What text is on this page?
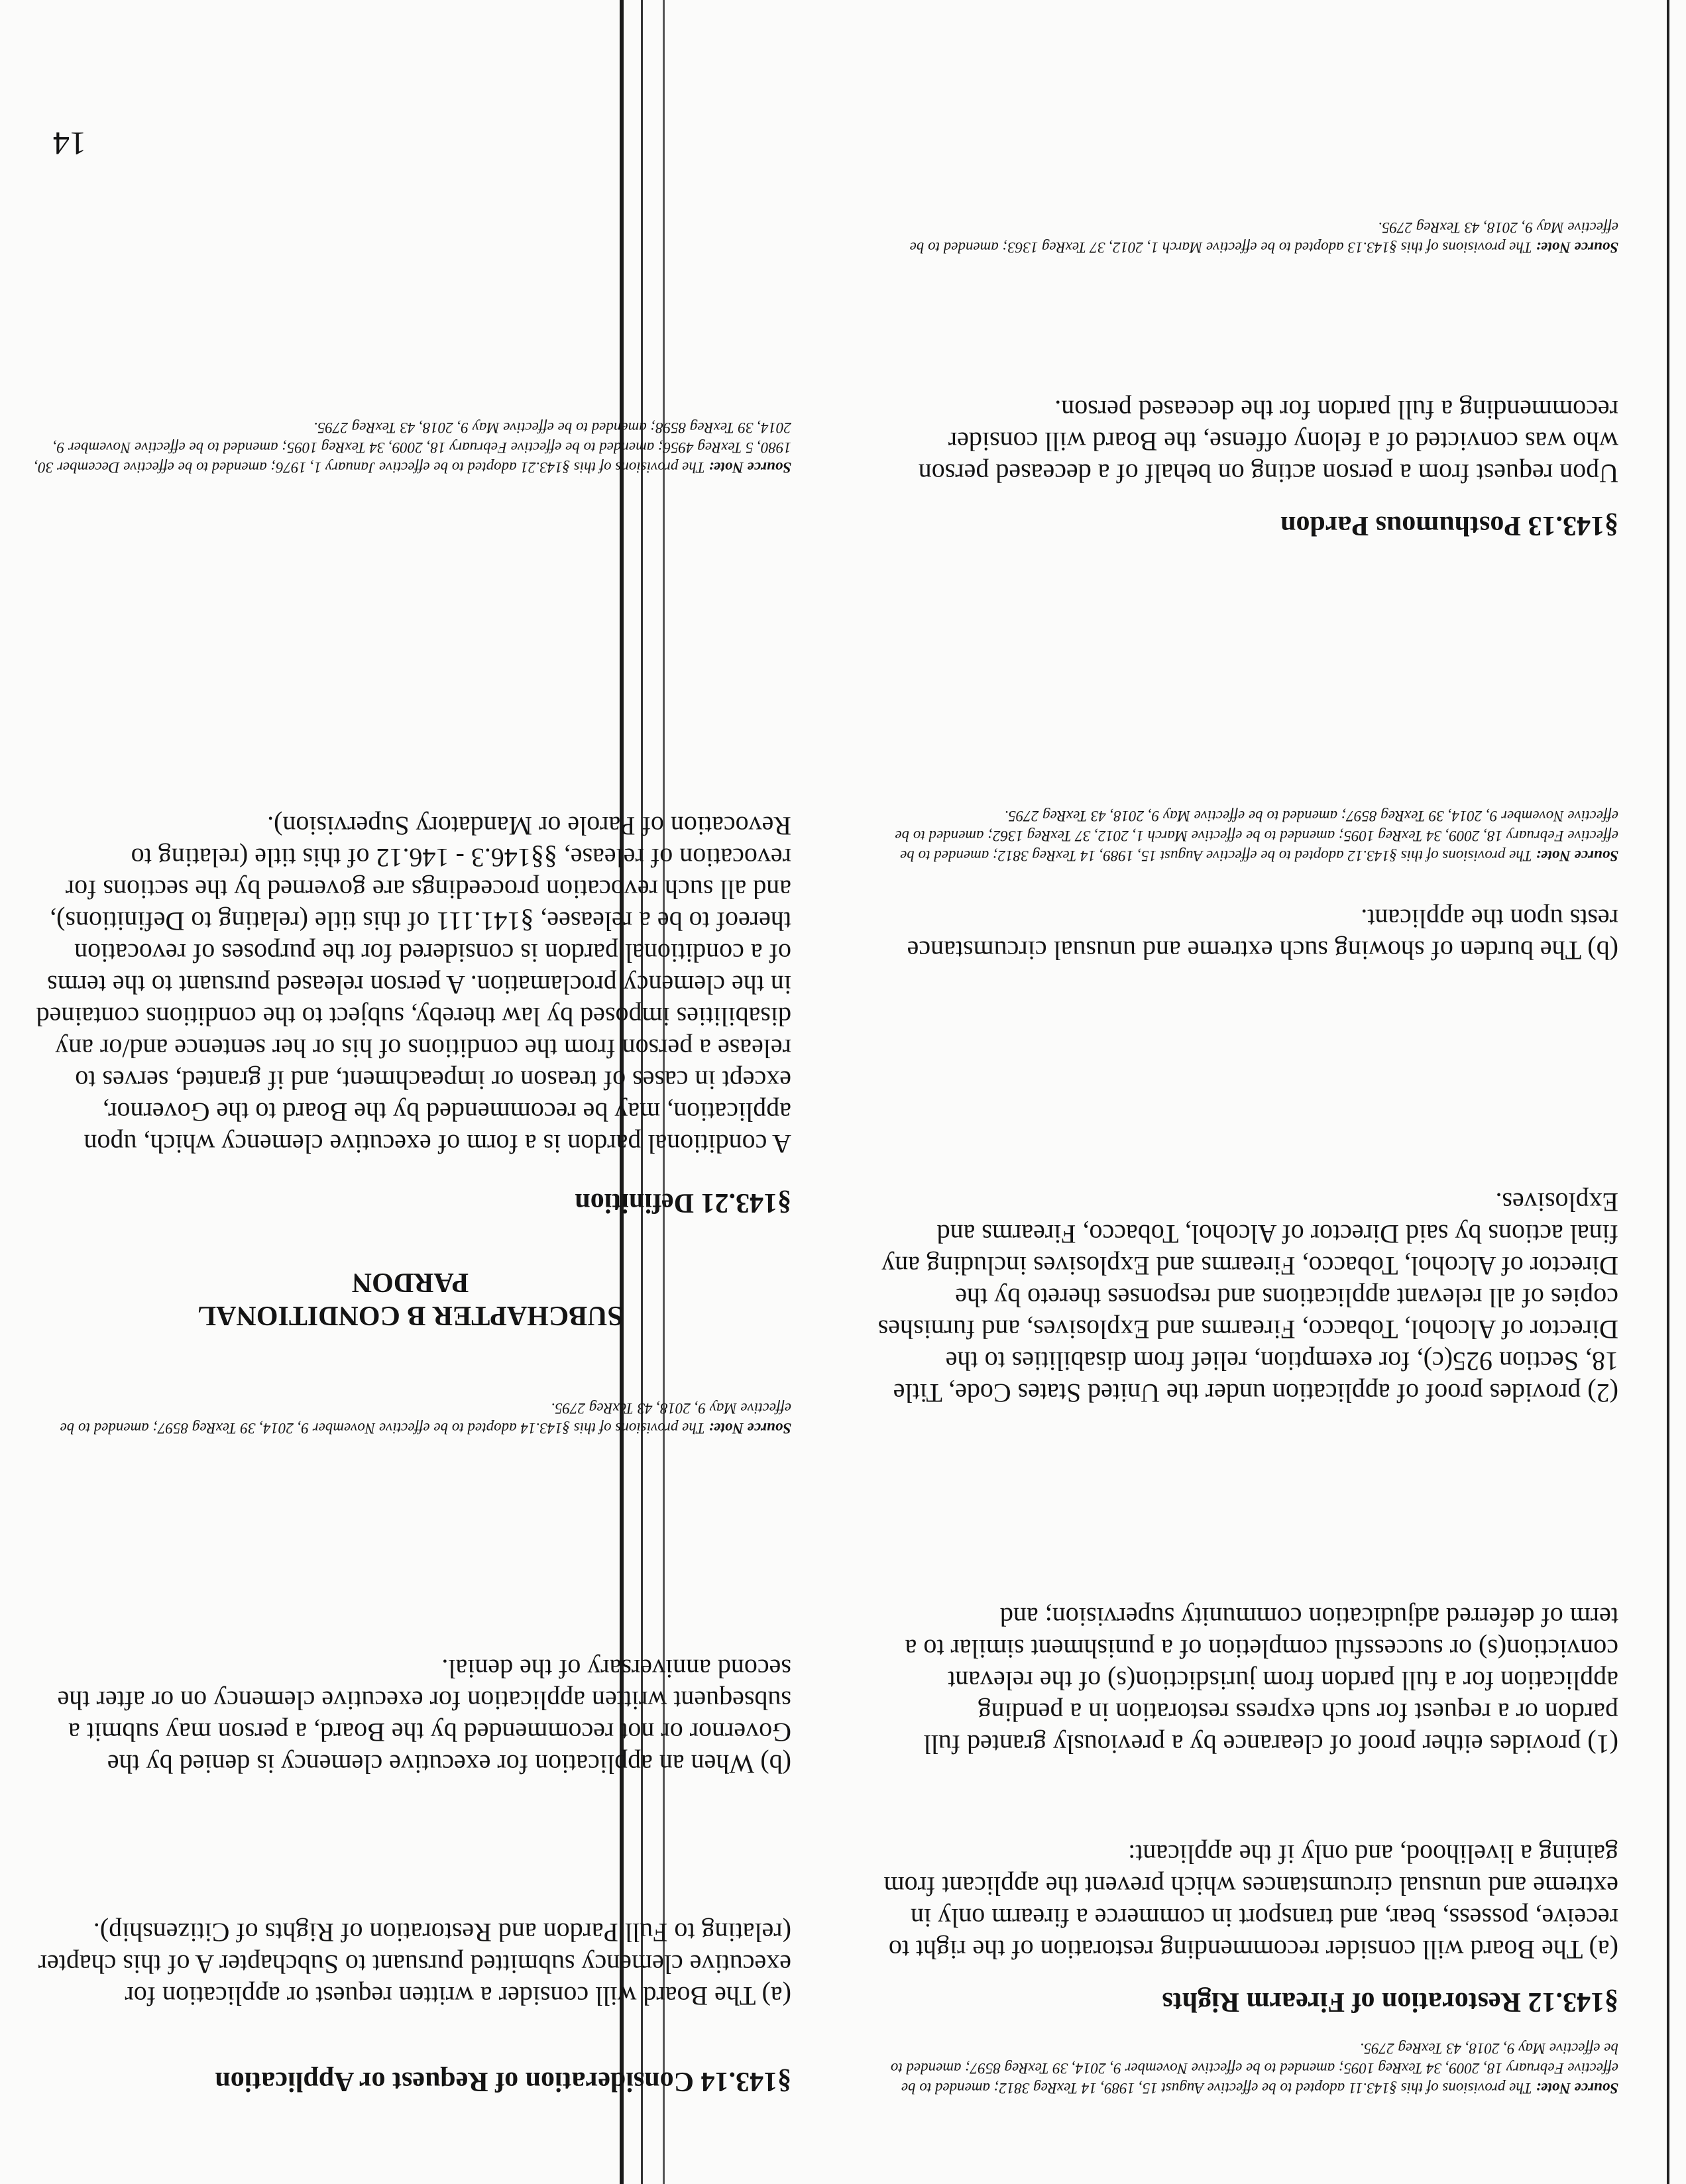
Source Note: The provisions of this §143.11 adopted to be effective August 15, 1989, 14 TexReg 3812; amended to be effective February 18, 2009, 34 TexReg 1095; amended to be effective November 9, 2014, 39 TexReg 8597; amended to be effective May 9, 2018, 43 TexReg 2795.
§143.12 Restoration of Firearm Rights

(a) The Board will consider recommending restoration of the right to receive, possess, bear, and transport in commerce a firearm only in extreme and unusual circumstances which prevent the applicant from gaining a livelihood, and only if the applicant:

(1) provides either proof of clearance by a previously granted full pardon or a request for such express restoration in a pending application for a full pardon from jurisdiction(s) of the relevant conviction(s) or successful completion of a punishment similar to a term of deferred adjudication community supervision; and

(2) provides proof of application under the United States Code, Title 18, Section 925(c), for exemption, relief from disabilities to the Director of Alcohol, Tobacco, Firearms and Explosives, and furnishes copies of all relevant applications and responses thereto by the Director of Alcohol, Tobacco, Firearms and Explosives including any final actions by said Director of Alcohol, Tobacco, Firearms and Explosives.

(b) The burden of showing such extreme and unusual circumstance rests upon the applicant.

Source Note: The provisions of this §143.12 adopted to be effective August 15, 1989, 14 TexReg 3812; amended to be effective February 18, 2009, 34 TexReg 1095; amended to be effective March 1, 2012, 37 TexReg 1362; amended to be effective November 9, 2014, 39 TexReg 8597; amended to be effective May 9, 2018, 43 TexReg 2795.
§143.13 Posthumous Pardon

Upon request from a person acting on behalf of a deceased person who was convicted of a felony offense, the Board will consider recommending a full pardon for the deceased person.

Source Note: The provisions of this §143.13 adopted to be effective March 1, 2012, 37 TexReg 1363; amended to be effective May 9, 2018, 43 TexReg 2795.
§143.14 Consideration of Request or Application

(a) The Board will consider a written request or application for executive clemency submitted pursuant to Subchapter A of this chapter (relating to Full Pardon and Restoration of Rights of Citizenship).

(b) When an application for executive clemency is denied by the Governor or not recommended by the Board, a person may submit a subsequent written application for executive clemency on or after the second anniversary of the denial.

Source Note: The provisions of this §143.14 adopted to be effective November 9, 2014, 39 TexReg 8597; amended to be effective May 9, 2018, 43 TexReg 2795.
SUBCHAPTER B CONDITIONAL
PARDON
§143.21 Definition

A conditional pardon is a form of executive clemency which, upon application, may be recommended by the Board to the Governor, except in cases of treason or impeachment, and if granted, serves to release a person from the conditions of his or her sentence and/or any disabilities imposed by law thereby, subject to the conditions contained in the clemency proclamation. A person released pursuant to the terms of a conditional pardon is considered for the purposes of revocation thereof to be a releasee, §141.111 of this title (relating to Definitions), and all such revocation proceedings are governed by the sections for revocation of release, §§146.3 - 146.12 of this title (relating to Revocation of Parole or Mandatory Supervision).

Source Note: The provisions of this §143.21 adopted to be effective January 1, 1976; amended to be effective December 30, 1980, 5 TexReg 4956; amended to be effective February 18, 2009, 34 TexReg 1095; amended to be effective November 9, 2014, 39 TexReg 8598; amended to be effective May 9, 2018, 43 TexReg 2795.
14
